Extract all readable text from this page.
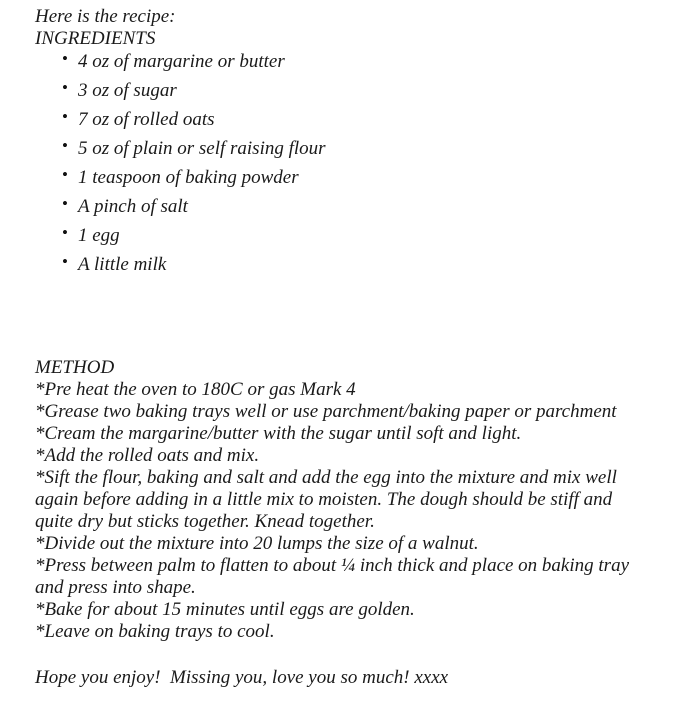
Here is the recipe:

INGREDIENTS

• 4 oz of margarine or butter
• 3 oz of sugar
• 7 oz of rolled oats
• 5 oz of plain or self raising flour
• 1 teaspoon of baking powder
• A pinch of salt
• 1 egg
• A little milk

METHOD

*Pre heat the oven to 180C or gas Mark 4

*Grease two baking trays well or use parchment/baking paper or parchment

*Cream the margarine/butter with the sugar until soft and light.

*Add the rolled oats and mix.

*Sift the flour, baking and salt and add the egg into the mixture and mix well again before adding in a little mix to moisten. The dough should be stiff and quite dry but sticks together. Knead together.

*Divide out the mixture into 20 lumps the size of a walnut.

*Press between palm to flatten to about ¼ inch thick and place on baking tray and press into shape.

*Bake for about 15 minutes until eggs are golden.

*Leave on baking trays to cool.

Hope you enjoy!  Missing you, love you so much! xxxx
